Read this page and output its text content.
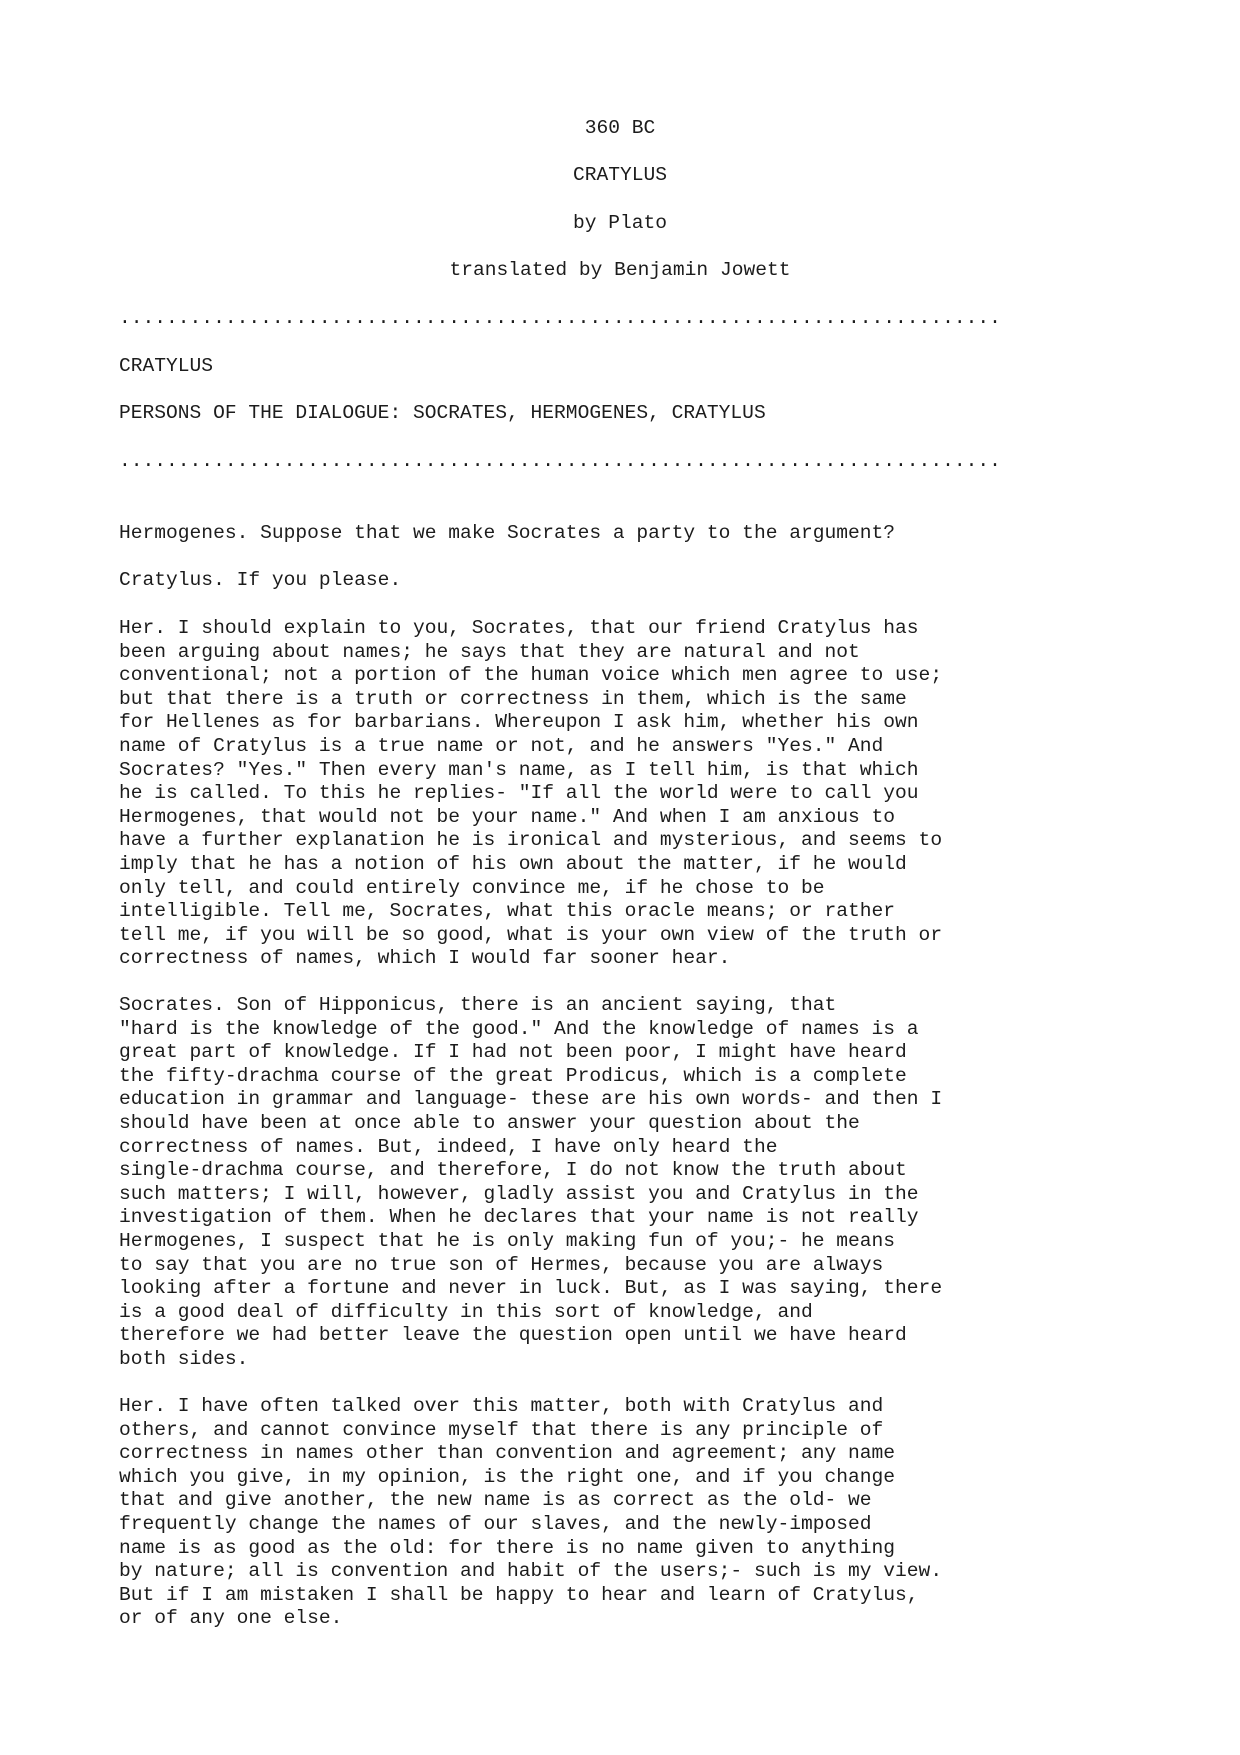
360 BC

CRATYLUS

by Plato

translated by Benjamin Jowett

...........................................................................

CRATYLUS

PERSONS OF THE DIALOGUE: SOCRATES, HERMOGENES, CRATYLUS

...........................................................................

Hermogenes. Suppose that we make Socrates a party to the argument?

Cratylus. If you please.

Her. I should explain to you, Socrates, that our friend Cratylus has
been arguing about names; he says that they are natural and not
conventional; not a portion of the human voice which men agree to use;
but that there is a truth or correctness in them, which is the same
for Hellenes as for barbarians. Whereupon I ask him, whether his own
name of Cratylus is a true name or not, and he answers "Yes." And
Socrates? "Yes." Then every man's name, as I tell him, is that which
he is called. To this he replies- "If all the world were to call you
Hermogenes, that would not be your name." And when I am anxious to
have a further explanation he is ironical and mysterious, and seems to
imply that he has a notion of his own about the matter, if he would
only tell, and could entirely convince me, if he chose to be
intelligible. Tell me, Socrates, what this oracle means; or rather
tell me, if you will be so good, what is your own view of the truth or
correctness of names, which I would far sooner hear.

Socrates. Son of Hipponicus, there is an ancient saying, that
"hard is the knowledge of the good." And the knowledge of names is a
great part of knowledge. If I had not been poor, I might have heard
the fifty-drachma course of the great Prodicus, which is a complete
education in grammar and language- these are his own words- and then I
should have been at once able to answer your question about the
correctness of names. But, indeed, I have only heard the
single-drachma course, and therefore, I do not know the truth about
such matters; I will, however, gladly assist you and Cratylus in the
investigation of them. When he declares that your name is not really
Hermogenes, I suspect that he is only making fun of you;- he means
to say that you are no true son of Hermes, because you are always
looking after a fortune and never in luck. But, as I was saying, there
is a good deal of difficulty in this sort of knowledge, and
therefore we had better leave the question open until we have heard
both sides.

Her. I have often talked over this matter, both with Cratylus and
others, and cannot convince myself that there is any principle of
correctness in names other than convention and agreement; any name
which you give, in my opinion, is the right one, and if you change
that and give another, the new name is as correct as the old- we
frequently change the names of our slaves, and the newly-imposed
name is as good as the old: for there is no name given to anything
by nature; all is convention and habit of the users;- such is my view.
But if I am mistaken I shall be happy to hear and learn of Cratylus,
or of any one else.
